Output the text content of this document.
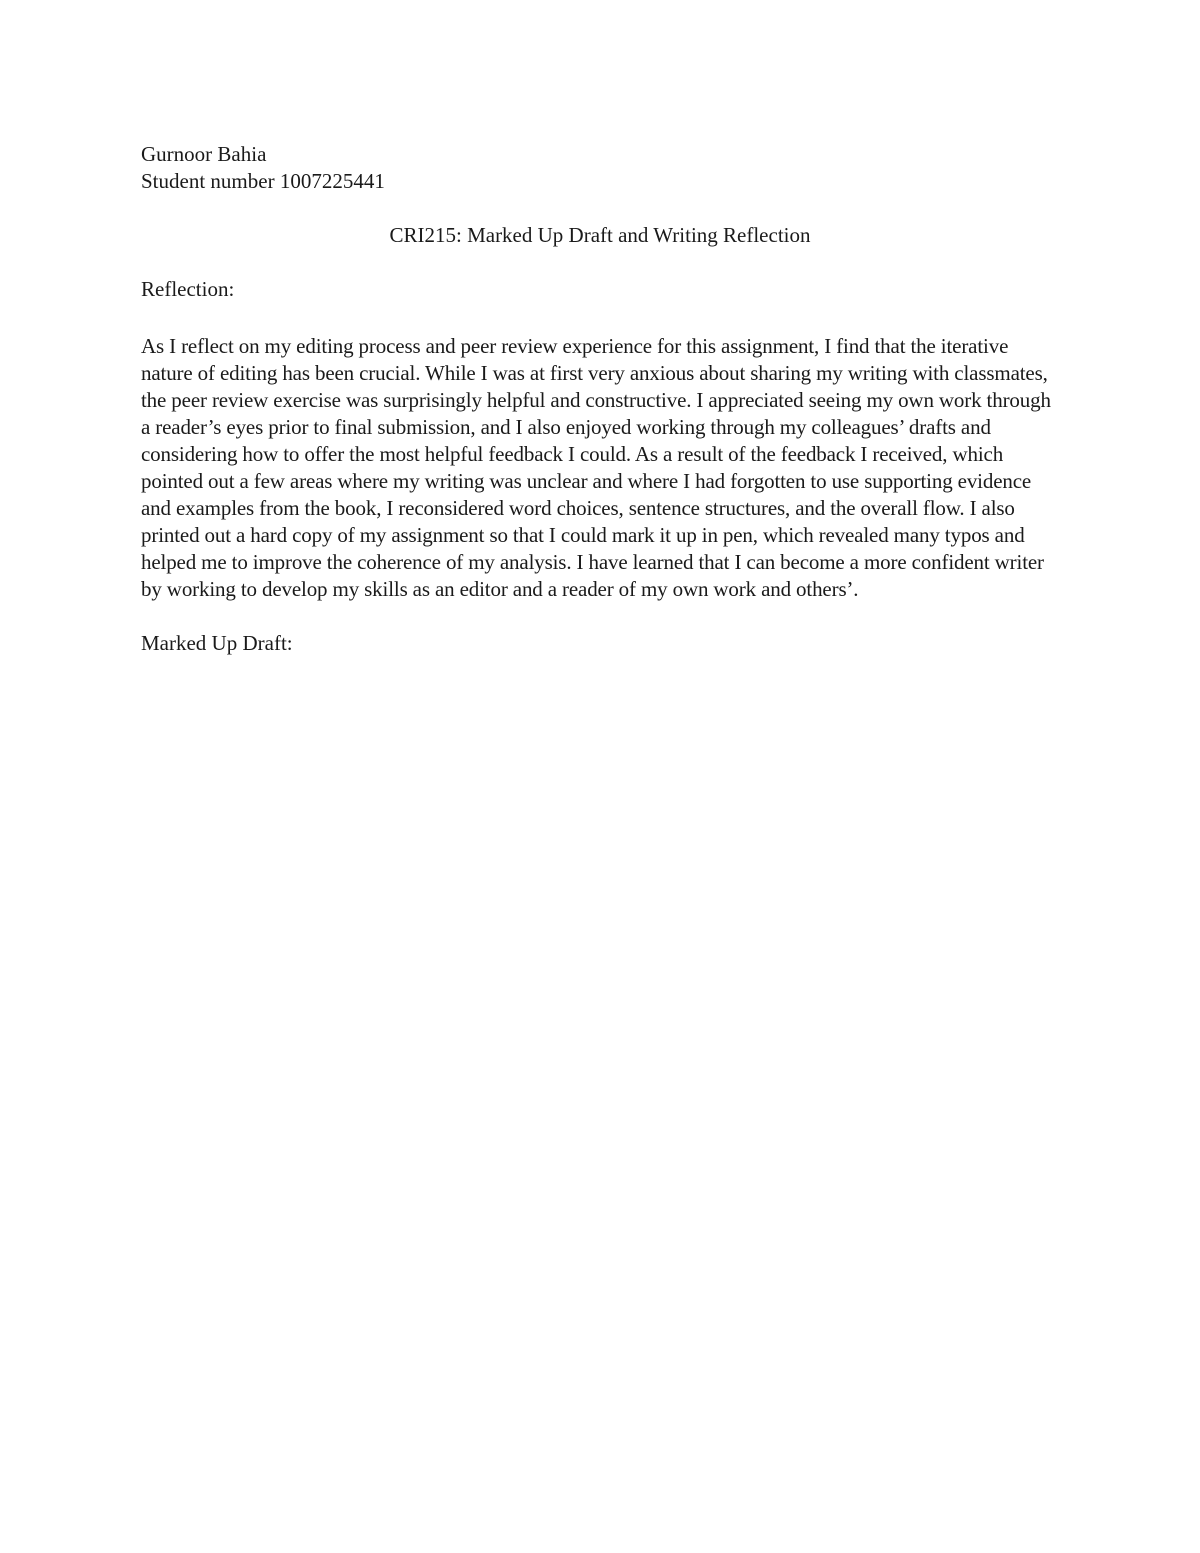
Gurnoor Bahia

Student number 1007225441

CRI215: Marked Up Draft and Writing Reflection

Reflection:

As I reflect on my editing process and peer review experience for this assignment, I find that the iterative nature of editing has been crucial. While I was at first very anxious about sharing my writing with classmates, the peer review exercise was surprisingly helpful and constructive. I appreciated seeing my own work through a reader’s eyes prior to final submission, and I also enjoyed working through my colleagues’ drafts and considering how to offer the most helpful feedback I could. As a result of the feedback I received, which pointed out a few areas where my writing was unclear and where I had forgotten to use supporting evidence and examples from the book, I reconsidered word choices, sentence structures, and the overall flow. I also printed out a hard copy of my assignment so that I could mark it up in pen, which revealed many typos and helped me to improve the coherence of my analysis. I have learned that I can become a more confident writer by working to develop my skills as an editor and a reader of my own work and others’.

Marked Up Draft:
